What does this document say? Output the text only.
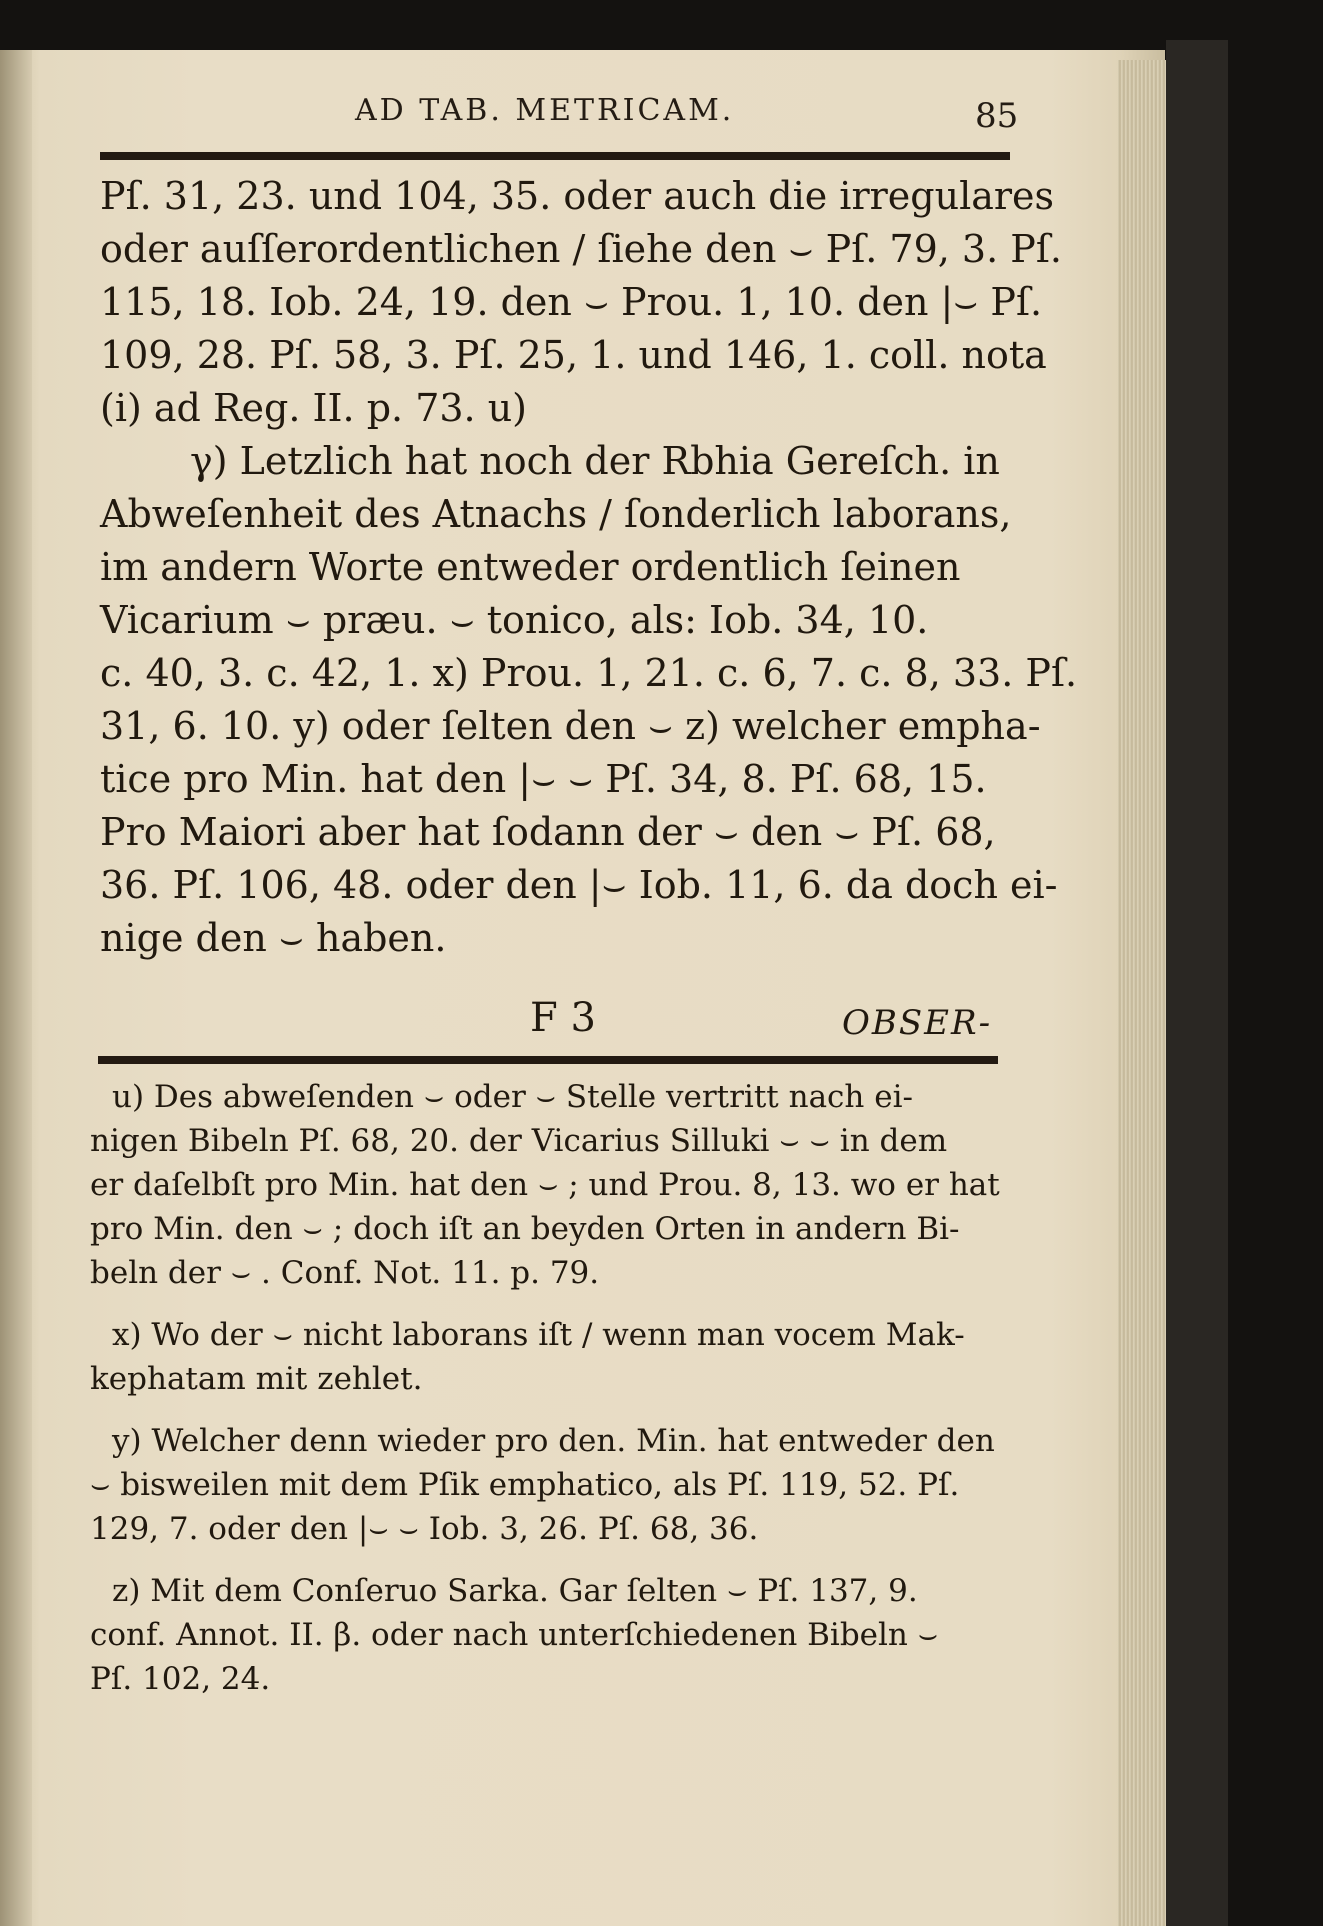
AD TAB. METRICAM.	85
Pſ. 31, 23. und 104, 35. oder auch die irregulares
oder auſſerordentlichen / ſiehe den ⌣ Pſ. 79, 3. Pſ.
115, 18. Iob. 24, 19. den ⌣ Prou. 1, 10. den |⌣ Pſ.
109, 28. Pſ. 58, 3. Pſ. 25, 1. und 146, 1. coll. nota
(i) ad Reg. II. p. 73. u)
γ) Letzlich hat noch der Rbhia Gereſch. in
Abweſenheit des Atnachs / ſonderlich laborans,
im andern Worte entweder ordentlich ſeinen
Vicarium ⌣ præu. ⌣ tonico, als: Iob. 34, 10.
c. 40, 3. c. 42, 1. x) Prou. 1, 21. c. 6, 7. c. 8, 33. Pſ.
31, 6. 10. y) oder ſelten den ⌣ z) welcher empha-
tice pro Min. hat den |⌣ ⌣ Pſ. 34, 8. Pſ. 68, 15.
Pro Maiori aber hat ſodann der ⌣ den ⌣ Pſ. 68,
36. Pſ. 106, 48. oder den |⌣ Iob. 11, 6. da doch ei-
nige den ⌣ haben.
F 3	OBSER-

u) Des abweſenden ⌣ oder ⌣ Stelle vertritt nach ei-
nigen Bibeln Pſ. 68, 20. der Vicarius Silluki ⌣ ⌣ in dem
er daſelbſt pro Min. hat den ⌣ ; und Prou. 8, 13. wo er hat
pro Min. den ⌣ ; doch iſt an beyden Orten in andern Bi-
beln der ⌣ . Conf. Not. 11. p. 79.

x) Wo der ⌣ nicht laborans iſt / wenn man vocem Mak-
kephatam mit zehlet.

y) Welcher denn wieder pro den. Min. hat entweder den
⌣ bisweilen mit dem Pſik emphatico, als Pſ. 119, 52. Pſ.
129, 7. oder den |⌣ ⌣ Iob. 3, 26. Pſ. 68, 36.

z) Mit dem Conſeruo Sarka. Gar ſelten ⌣ Pſ. 137, 9.
conf. Annot. II. β. oder nach unterſchiedenen Bibeln ⌣
Pſ. 102, 24.
